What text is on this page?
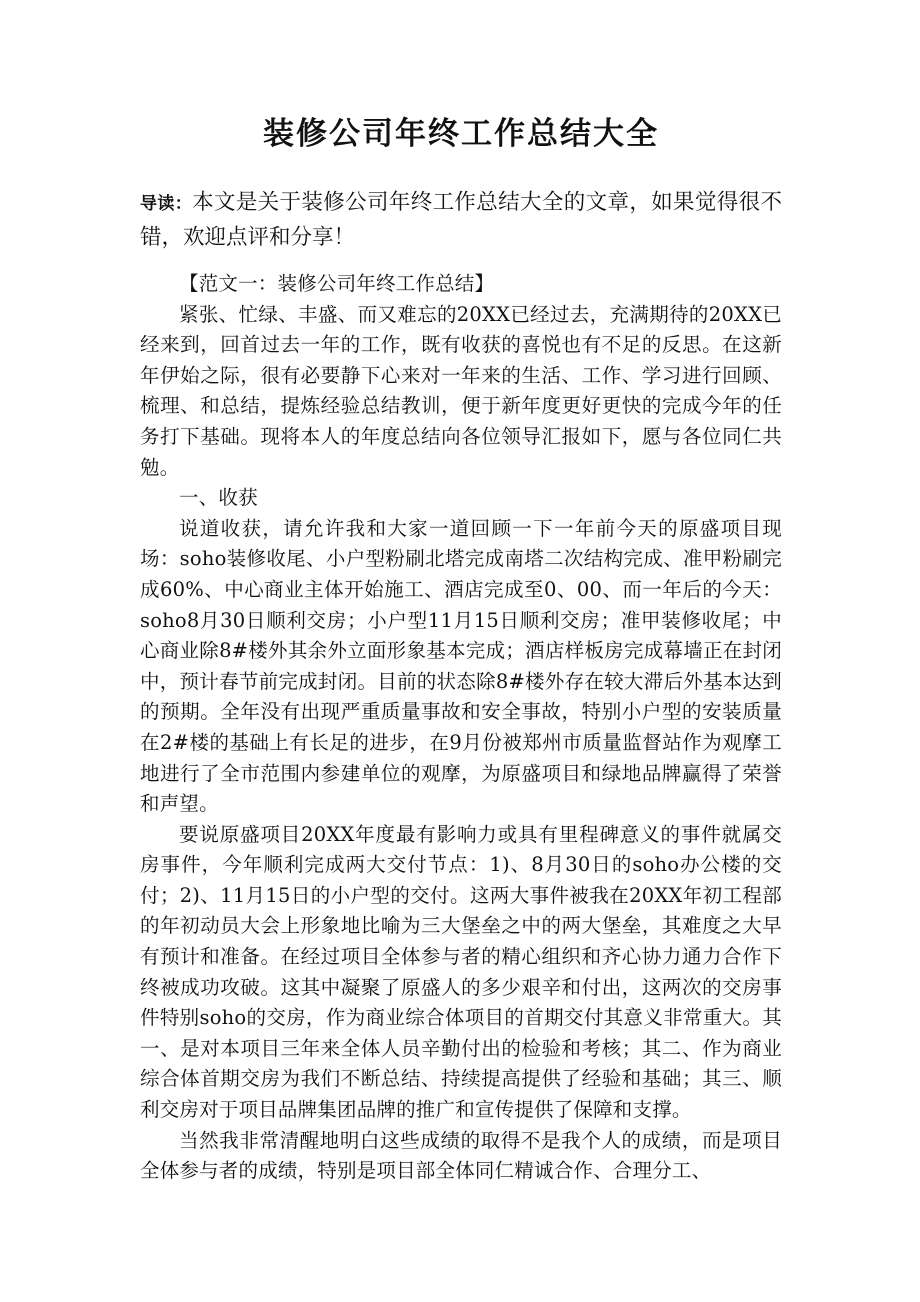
装修公司年终工作总结大全

导读：本文是关于装修公司年终工作总结大全的文章，如果觉得很不错，欢迎点评和分享！

【范文一：装修公司年终工作总结】

紧张、忙绿、丰盛、而又难忘的20XX已经过去，充满期待的20XX已经来到，回首过去一年的工作，既有收获的喜悦也有不足的反思。在这新年伊始之际，很有必要静下心来对一年来的生活、工作、学习进行回顾、梳理、和总结，提炼经验总结教训，便于新年度更好更快的完成今年的任务打下基础。现将本人的年度总结向各位领导汇报如下，愿与各位同仁共勉。

一、收获

说道收获，请允许我和大家一道回顾一下一年前今天的原盛项目现场：soho装修收尾、小户型粉刷北塔完成南塔二次结构完成、准甲粉刷完成60%、中心商业主体开始施工、酒店完成至0、00、而一年后的今天：soho8月30日顺利交房；小户型11月15日顺利交房；准甲装修收尾；中心商业除8#楼外其余外立面形象基本完成；酒店样板房完成幕墙正在封闭中，预计春节前完成封闭。目前的状态除8#楼外存在较大滞后外基本达到的预期。全年没有出现严重质量事故和安全事故，特别小户型的安装质量在2#楼的基础上有长足的进步，在9月份被郑州市质量监督站作为观摩工地进行了全市范围内参建单位的观摩，为原盛项目和绿地品牌赢得了荣誉和声望。

要说原盛项目20XX年度最有影响力或具有里程碑意义的事件就属交房事件，今年顺利完成两大交付节点：1)、8月30日的soho办公楼的交付；2)、11月15日的小户型的交付。这两大事件被我在20XX年初工程部的年初动员大会上形象地比喻为三大堡垒之中的两大堡垒，其难度之大早有预计和准备。在经过项目全体参与者的精心组织和齐心协力通力合作下终被成功攻破。这其中凝聚了原盛人的多少艰辛和付出，这两次的交房事件特别soho的交房，作为商业综合体项目的首期交付其意义非常重大。其一、是对本项目三年来全体人员辛勤付出的检验和考核；其二、作为商业综合体首期交房为我们不断总结、持续提高提供了经验和基础；其三、顺利交房对于项目品牌集团品牌的推广和宣传提供了保障和支撑。

当然我非常清醒地明白这些成绩的取得不是我个人的成绩，而是项目全体参与者的成绩，特别是项目部全体同仁精诚合作、合理分工、
